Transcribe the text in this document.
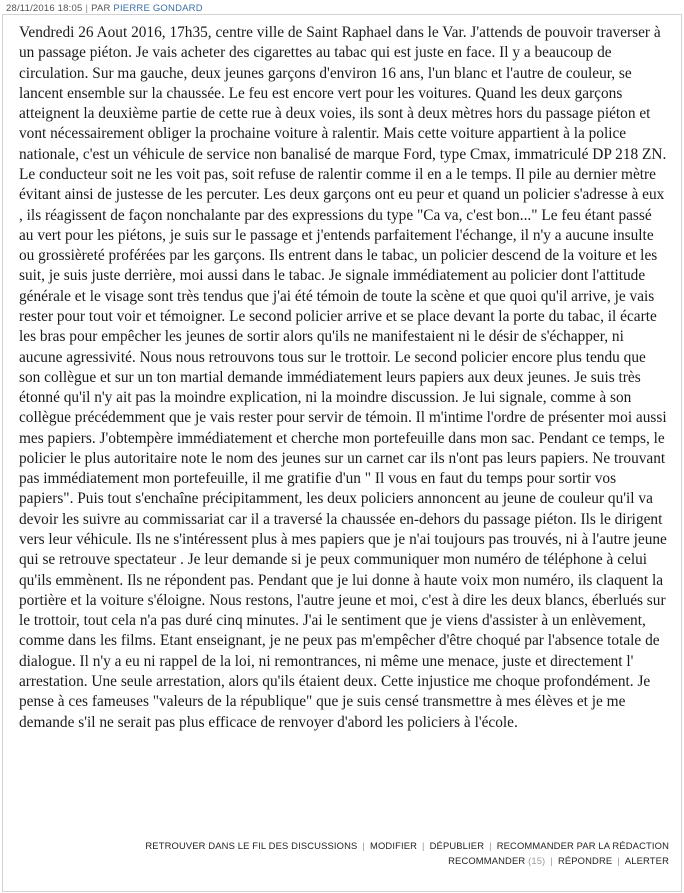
28/11/2016 18:05 | PAR PIERRE GONDARD

Vendredi 26 Aout 2016, 17h35, centre ville de Saint Raphael dans le Var. J'attends de pouvoir traverser à un passage piéton. Je vais acheter des cigarettes au tabac qui est juste en face. Il y a beaucoup de circulation. Sur ma gauche, deux jeunes garçons d'environ 16 ans, l'un blanc et l'autre de couleur, se lancent ensemble sur la chaussée. Le feu est encore vert pour les voitures. Quand les deux garçons atteignent la deuxième partie de cette rue à deux voies, ils sont à deux mètres hors du passage piéton et vont nécessairement obliger la prochaine voiture à ralentir. Mais cette voiture appartient à la police nationale, c'est un véhicule de service non banalisé de marque Ford, type Cmax, immatriculé DP 218 ZN. Le conducteur soit ne les voit pas, soit refuse de ralentir comme il en a le temps. Il pile au dernier mètre évitant ainsi de justesse de les percuter. Les deux garçons ont eu peur et quand un policier s'adresse à eux , ils réagissent de façon nonchalante par des expressions du type "Ca va, c'est bon..." Le feu étant passé au vert pour les piétons, je suis sur le passage et j'entends parfaitement l'échange, il n'y a aucune insulte ou grossièreté proférées par les garçons. Ils entrent dans le tabac, un policier descend de la voiture et les suit, je suis juste derrière, moi aussi dans le tabac. Je signale immédiatement au policier dont l'attitude générale et le visage sont très tendus que j'ai été témoin de toute la scène et que quoi qu'il arrive, je vais rester pour tout voir et témoigner. Le second policier arrive et se place devant la porte du tabac, il écarte les bras pour empêcher les jeunes de sortir alors qu'ils ne manifestaient ni le désir de s'échapper, ni aucune agressivité. Nous nous retrouvons tous sur le trottoir. Le second policier encore plus tendu que son collègue et sur un ton martial demande immédiatement leurs papiers aux deux jeunes. Je suis très étonné qu'il n'y ait pas la moindre explication, ni la moindre discussion. Je lui signale, comme à son collègue précédemment que je vais rester pour servir de témoin. Il m'intime l'ordre de présenter moi aussi mes papiers. J'obtempère immédiatement et cherche mon portefeuille dans mon sac. Pendant ce temps, le policier le plus autoritaire note le nom des jeunes sur un carnet car ils n'ont pas leurs papiers. Ne trouvant pas immédiatement mon portefeuille, il me gratifie d'un " Il vous en faut du temps pour sortir vos papiers". Puis tout s'enchaîne précipitamment, les deux policiers annoncent au jeune de couleur qu'il va devoir les suivre au commissariat car il a traversé la chaussée en-dehors du passage piéton. Ils le dirigent vers leur véhicule. Ils ne s'intéressent plus à mes papiers que je n'ai toujours pas trouvés, ni à l'autre jeune qui se retrouve spectateur . Je leur demande si je peux communiquer mon numéro de téléphone à celui qu'ils emmènent. Ils ne répondent pas. Pendant que je lui donne à haute voix mon numéro, ils claquent la portière et la voiture s'éloigne. Nous restons, l'autre jeune et moi, c'est à dire les deux blancs, éberlués sur le trottoir, tout cela n'a pas duré cinq minutes. J'ai le sentiment que je viens d'assister à un enlèvement, comme dans les films. Etant enseignant, je ne peux pas m'empêcher d'être choqué par l'absence totale de dialogue. Il n'y a eu ni rappel de la loi, ni remontrances, ni même une menace, juste et directement l' arrestation. Une seule arrestation, alors qu'ils étaient deux. Cette injustice me choque profondément. Je pense à ces fameuses "valeurs de la république" que je suis censé transmettre à mes élèves et je me demande s'il ne serait pas plus efficace de renvoyer d'abord les policiers à l'école.

RETROUVER DANS LE FIL DES DISCUSSIONS | MODIFIER | DÉPUBLIER | RECOMMANDER PAR LA RÉDACTION
RECOMMANDER (15) | RÉPONDRE | ALERTER
